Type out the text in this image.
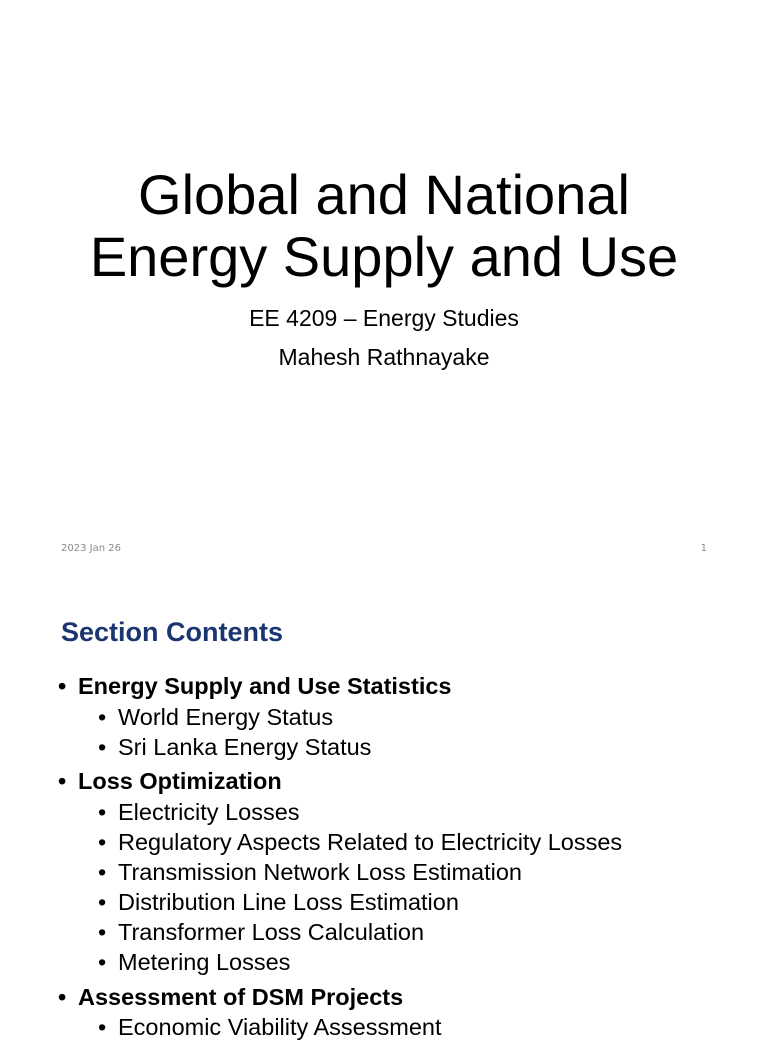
Global and National
Energy Supply and Use
EE 4209 – Energy Studies
Mahesh Rathnayake
2023 Jan 26	1
Section Contents
• Energy Supply and Use Statistics
• World Energy Status
• Sri Lanka Energy Status
• Loss Optimization
• Electricity Losses
• Regulatory Aspects Related to Electricity Losses
• Transmission Network Loss Estimation
• Distribution Line Loss Estimation
• Transformer Loss Calculation
• Metering Losses
• Assessment of DSM Projects
• Economic Viability Assessment
